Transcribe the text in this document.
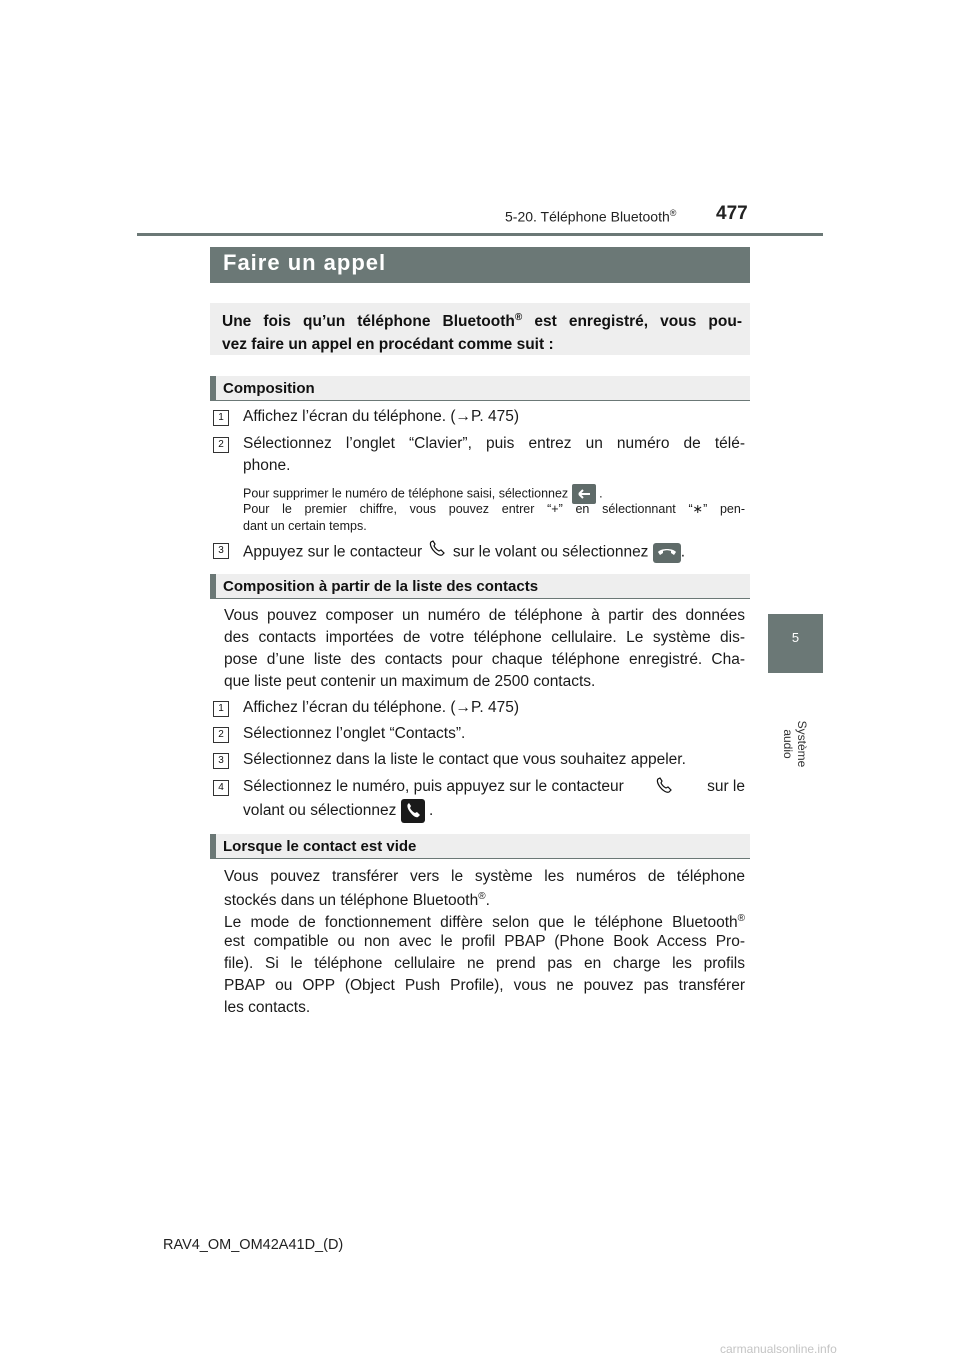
5-20. Téléphone Bluetooth® 477
5
Système audio
Faire un appel
Une fois qu’un téléphone Bluetooth® est enregistré, vous pou-
vez faire un appel en procédant comme suit :
Composition
1	Affichez l’écran du téléphone. (→P. 475)
2	Sélectionnez l’onglet “Clavier”, puis entrez un numéro de télé-
phone.
Pour supprimer le numéro de téléphone saisi, sélectionnez .
Pour le premier chiffre, vous pouvez entrer “+” en sélectionnant “∗” pen-
dant un certain temps.
3	Appuyez sur le contacteur sur le volant ou sélectionnez .
Composition à partir de la liste des contacts
Vous pouvez composer un numéro de téléphone à partir des données
des contacts importées de votre téléphone cellulaire. Le système dis-
pose d’une liste des contacts pour chaque téléphone enregistré. Cha-
que liste peut contenir un maximum de 2500 contacts.
1	Affichez l’écran du téléphone. (→P. 475)
2	Sélectionnez l’onglet “Contacts”.
3	Sélectionnez dans la liste le contact que vous souhaitez appeler.
4	Sélectionnez le numéro, puis appuyez sur le contacteur	sur le
volant ou sélectionnez .
Lorsque le contact est vide
Vous pouvez transférer vers le système les numéros de téléphone
stockés dans un téléphone Bluetooth®.
Le mode de fonctionnement diffère selon que le téléphone Bluetooth®
est compatible ou non avec le profil PBAP (Phone Book Access Pro-
file). Si le téléphone cellulaire ne prend pas en charge les profils
PBAP ou OPP (Object Push Profile), vous ne pouvez pas transférer
les contacts.
RAV4_OM_OM42A41D_(D)
carmanualsonline.info
